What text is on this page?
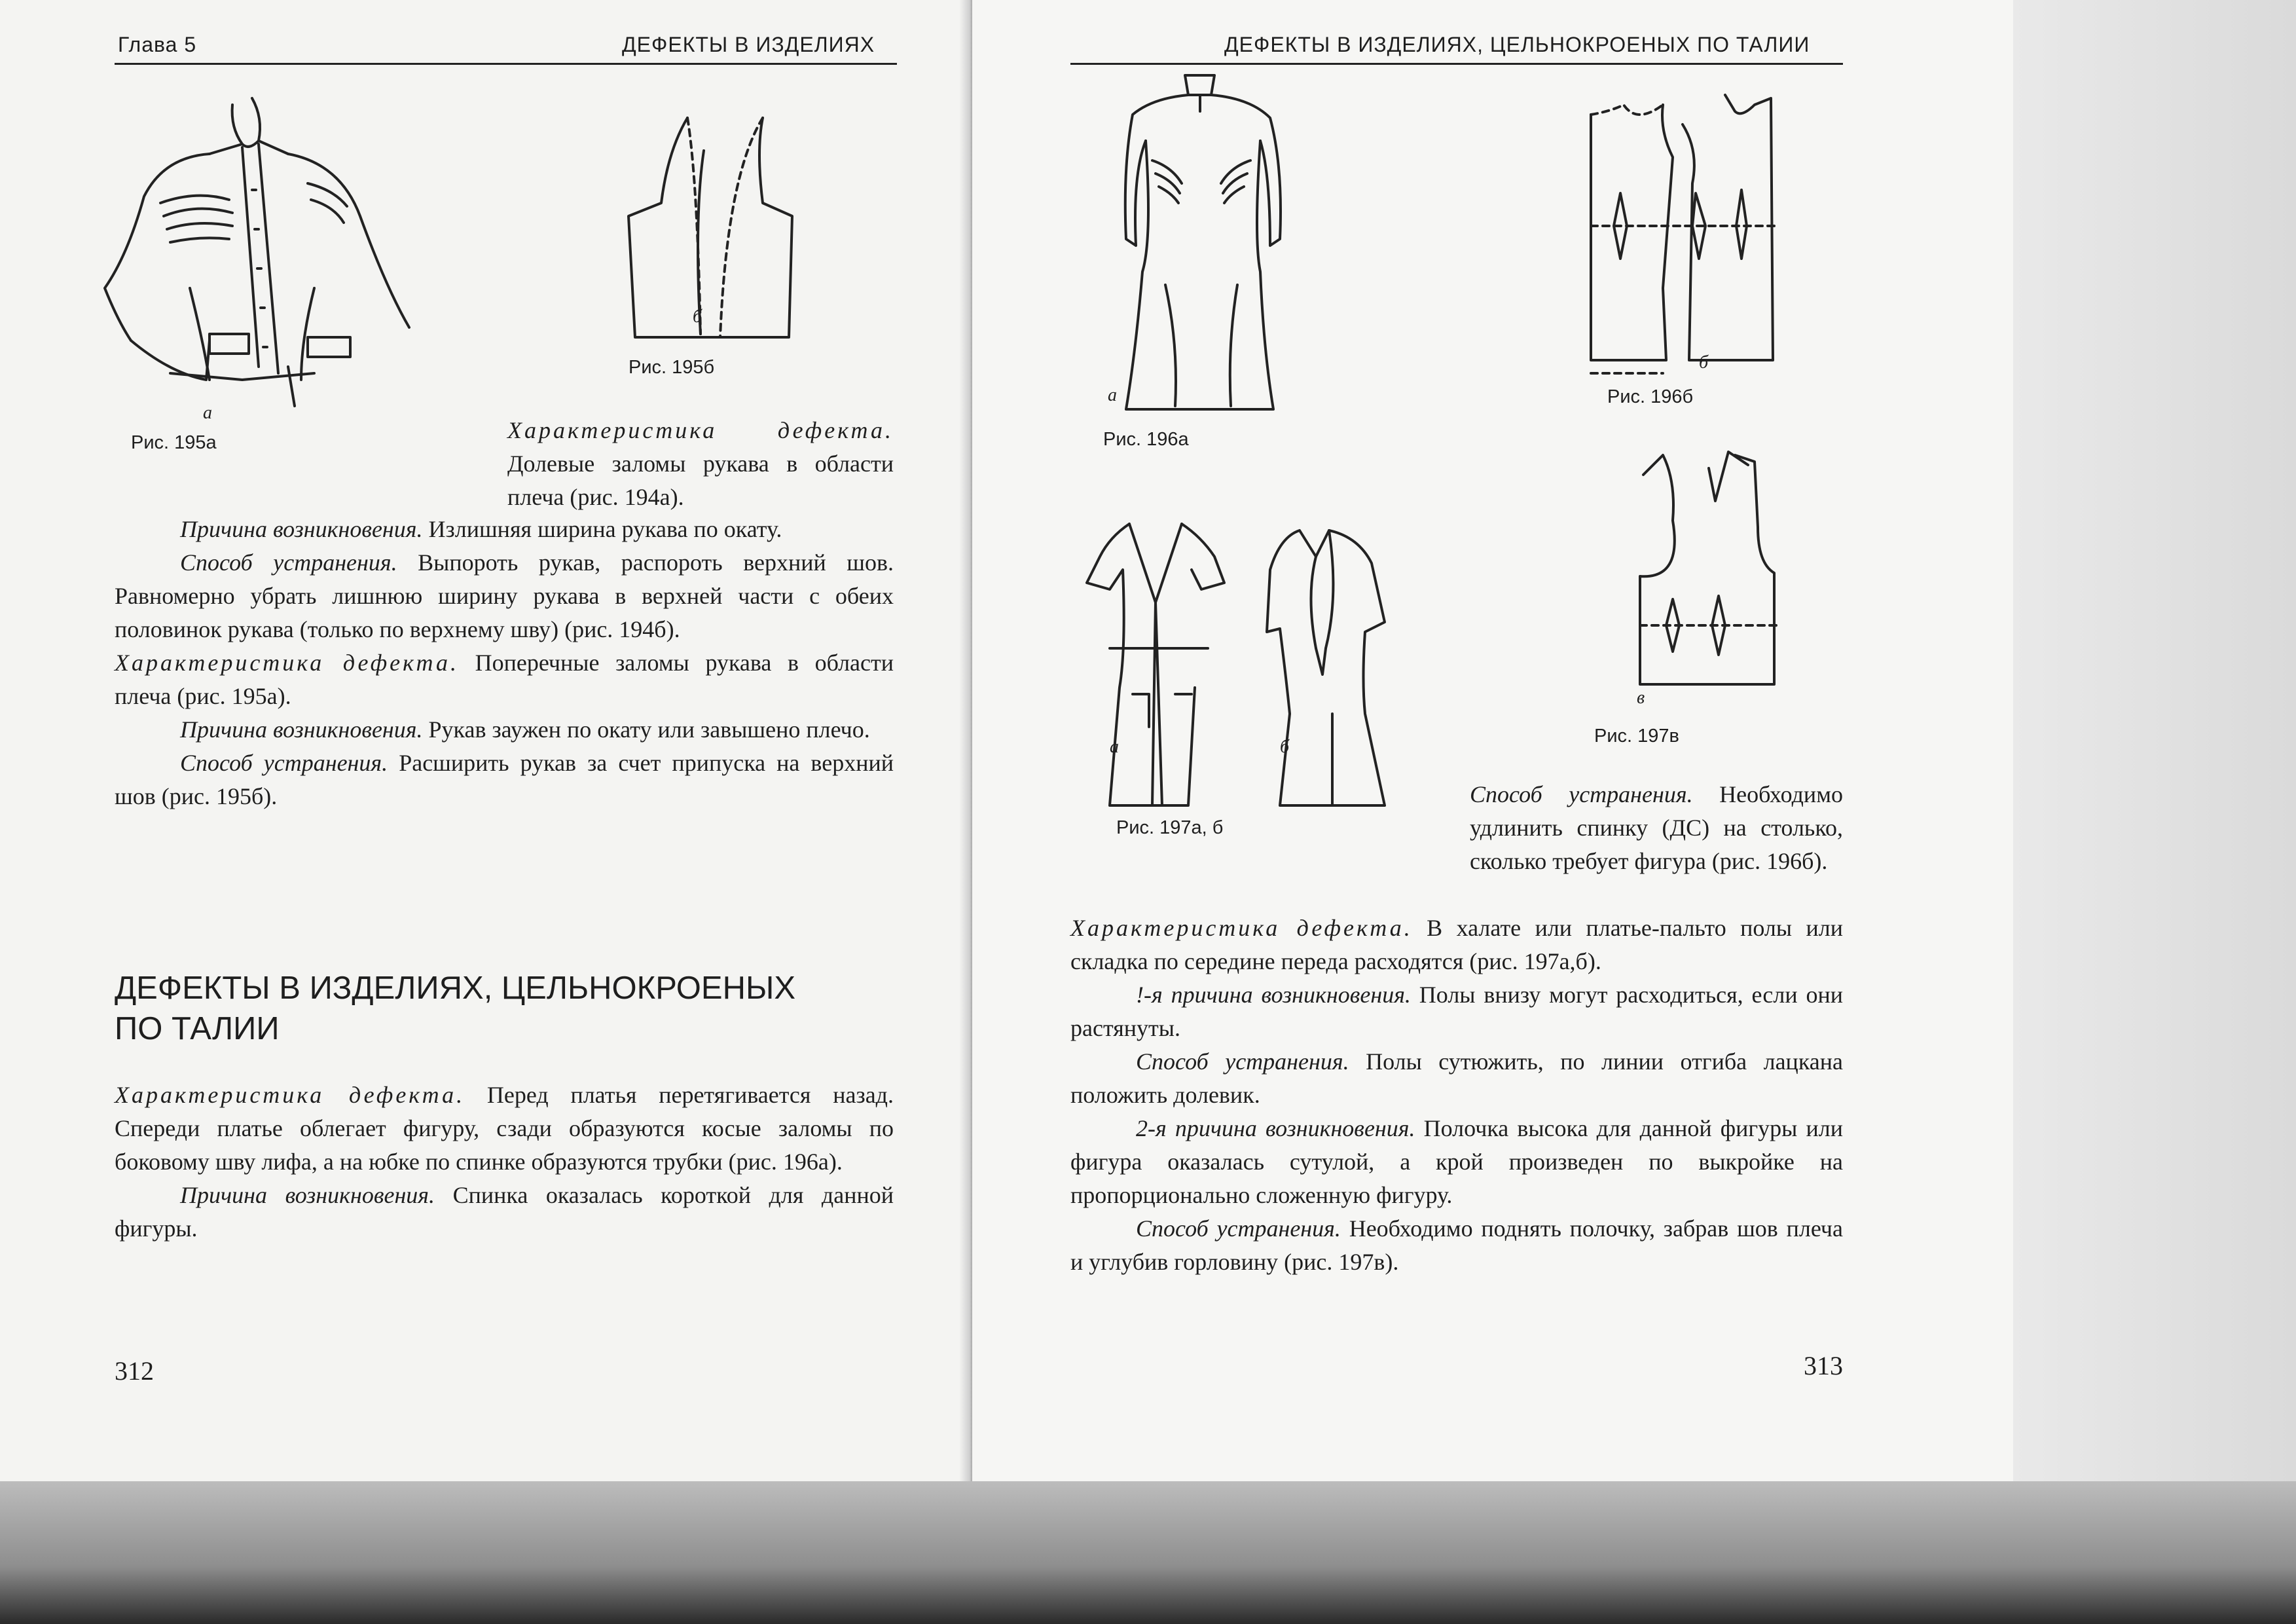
Глава 5	ДЕФЕКТЫ В ИЗДЕЛИЯХ
а
Рис. 195а
б
Рис. 195б
Характеристика дефекта. Долевые заломы рукава в области плеча (рис. 194а).
Причина возникновения. Излишняя ширина рукава по окату.
Способ устранения. Выпороть рукав, распороть верхний шов. Равномерно убрать лишнюю ширину рукава в верхней части с обеих половинок рукава (только по верхнему шву) (рис. 194б).
Характеристика дефекта. Поперечные заломы рукава в области плеча (рис. 195а).
Причина возникновения. Рукав заужен по окату или завышено плечо.
Способ устранения. Расширить рукав за счет припуска на верхний шов (рис. 195б).
ДЕФЕКТЫ В ИЗДЕЛИЯХ, ЦЕЛЬНОКРОЕНЫХ
ПО ТАЛИИ
Характеристика дефекта. Перед платья перетягивается назад. Спереди платье облегает фигуру, сзади образуются косые заломы по боковому шву лифа, а на юбке по спинке образуются трубки (рис. 196а).
Причина возникновения. Спинка оказалась короткой для данной фигуры.
312
ДЕФЕКТЫ В ИЗДЕЛИЯХ, ЦЕЛЬНОКРОЕНЫХ ПО ТАЛИИ
а
Рис. 196а
б
Рис. 196б
а	б
Рис. 197а, б
в
Рис. 197в
Способ устранения. Необходимо удлинить спинку (ДС) на столько, сколько требует фигура (рис. 196б).
Характеристика дефекта. В халате или платье-пальто полы или складка по середине переда расходятся (рис. 197а,б).
!-я причина возникновения. Полы внизу могут расходиться, если они растянуты.
Способ устранения. Полы сутюжить, по линии отгиба лацкана положить долевик.
2-я причина возникновения. Полочка высока для данной фигуры или фигура оказалась сутулой, а крой произведен по выкройке на пропорционально сложенную фигуру.
Способ устранения. Необходимо поднять полочку, забрав шов плеча и углубив горловину (рис. 197в).
313
